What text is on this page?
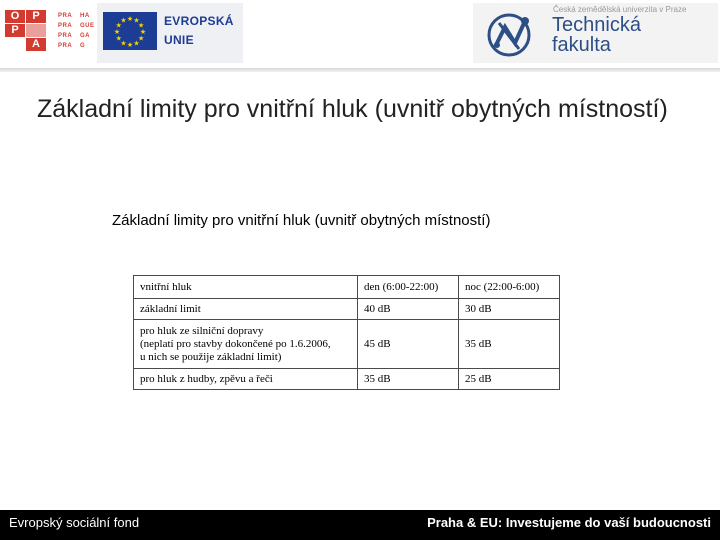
O	P
P
A
PRA	HA
PRA	GUE
PRA	GA
PRA	G
★ ★
★
★
★
★
★
★
★
★
★
★	EVROPSKÁ
UNIE
Česká zemědělská univerzita v Praze
Technická
fakulta
Základní limity pro vnitřní hluk (uvnitř obytných místností)
Základní limity pro vnitřní hluk (uvnitř obytných místností)
vnitřní hluk	den (6:00-22:00)	noc (22:00-6:00)
základní limit	40 dB	30 dB

pro hluk ze silniční dopravy
(neplatí pro stavby dokončené po 1.6.2006,
u nich se použije základní limit)	45 dB	35 dB
pro hluk z hudby, zpěvu a řeči	35 dB	25 dB
Evropský sociální fond	Praha & EU: Investujeme do vaší budoucnosti
